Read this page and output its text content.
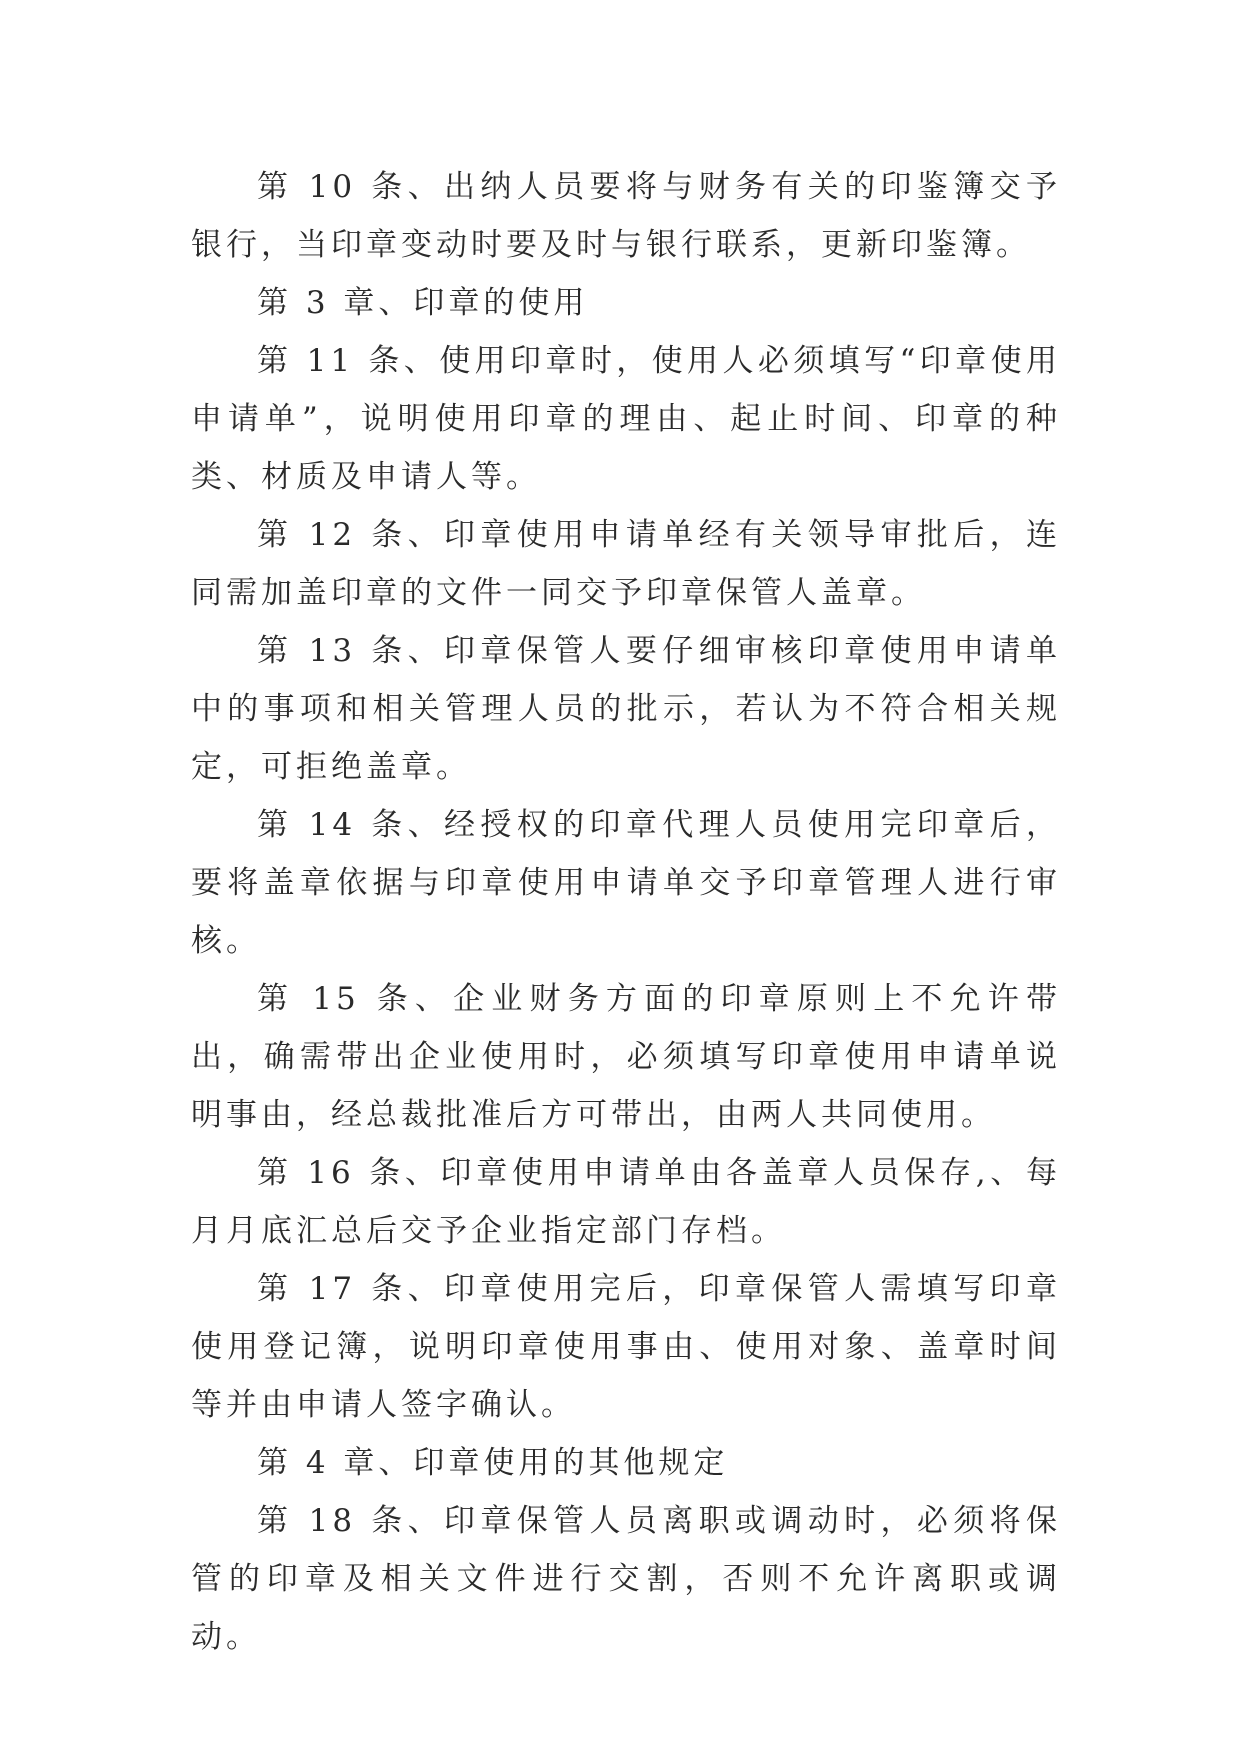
第 10 条、出纳人员要将与财务有关的印鉴簿交予银行，当印章变动时要及时与银行联系，更新印鉴簿。

第 3 章、印章的使用

第 11 条、使用印章时，使用人必须填写“印章使用申请单”，说明使用印章的理由、起止时间、印章的种类、材质及申请人等。

第 12 条、印章使用申请单经有关领导审批后，连同需加盖印章的文件一同交予印章保管人盖章。

第 13 条、印章保管人要仔细审核印章使用申请单中的事项和相关管理人员的批示，若认为不符合相关规定，可拒绝盖章。

第 14 条、经授权的印章代理人员使用完印章后，要将盖章依据与印章使用申请单交予印章管理人进行审核。

第 15 条、企业财务方面的印章原则上不允许带出，确需带出企业使用时，必须填写印章使用申请单说明事由，经总裁批准后方可带出，由两人共同使用。

第 16 条、印章使用申请单由各盖章人员保存,、每月月底汇总后交予企业指定部门存档。

第 17 条、印章使用完后，印章保管人需填写印章使用登记簿，说明印章使用事由、使用对象、盖章时间等并由申请人签字确认。

第 4 章、印章使用的其他规定

第 18 条、印章保管人员离职或调动时，必须将保管的印章及相关文件进行交割，否则不允许离职或调动。
